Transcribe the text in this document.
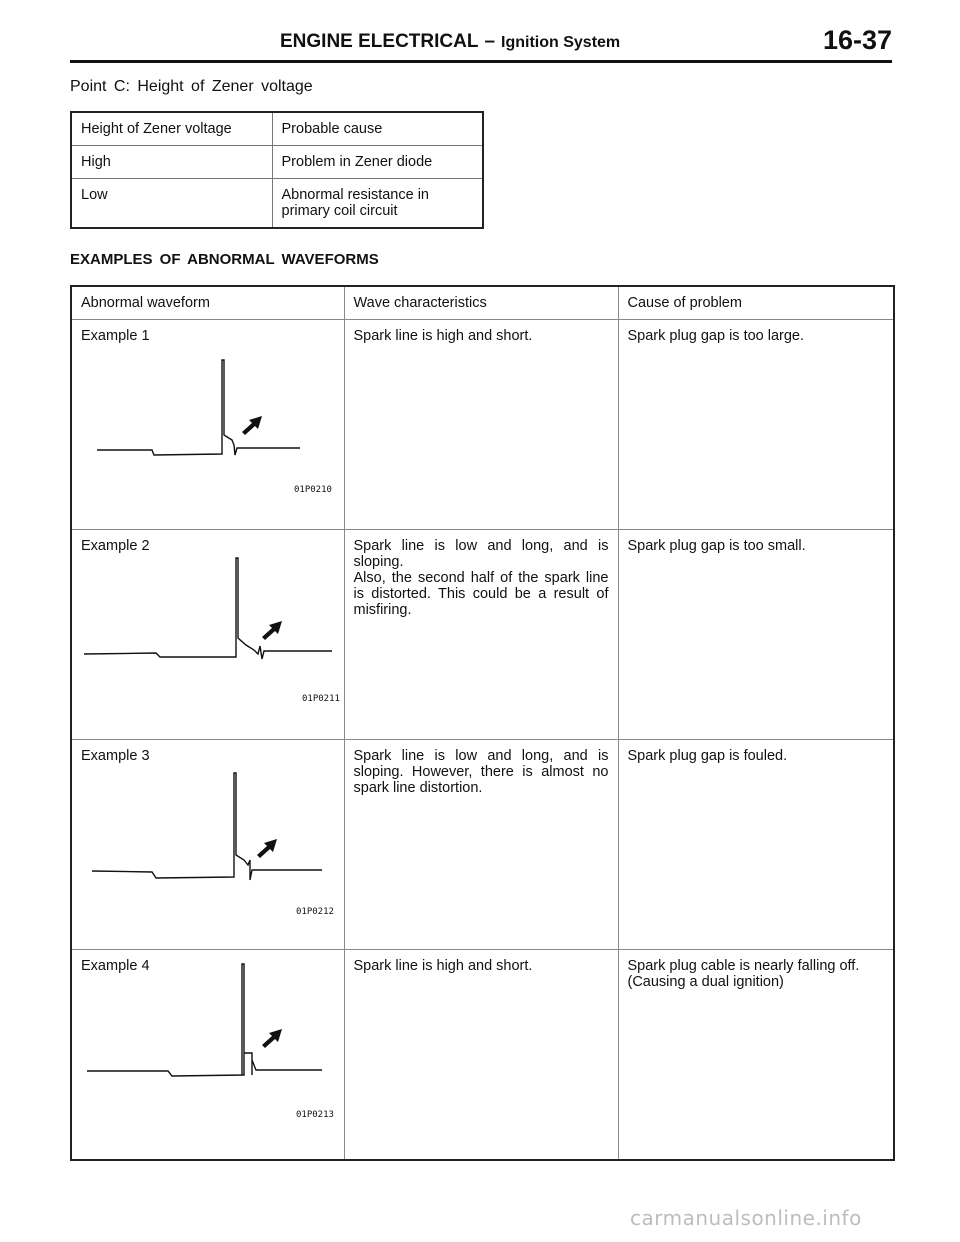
ENGINE ELECTRICAL – Ignition System	16-37
Point C: Height of Zener voltage
Height of Zener voltage	Probable cause
High	Problem in Zener diode
Low	Abnormal resistance in
primary coil circuit
EXAMPLES OF ABNORMAL WAVEFORMS
Abnormal waveform	Wave characteristics	Cause of problem

Example 1
01P0210	Spark line is high and short.	Spark plug gap is too large.

Example 2
01P0211	Spark line is low and long, and is sloping.
Also, the second half of the spark line is distorted. This could be a result of misfiring.	Spark plug gap is too small.

Example 3
01P0212	Spark line is low and long, and is sloping. However, there is almost no spark line distortion.	Spark plug gap is fouled.

Example 4
01P0213	Spark line is high and short.	Spark plug cable is nearly falling off.
(Causing a dual ignition)
carmanualsonline.info
